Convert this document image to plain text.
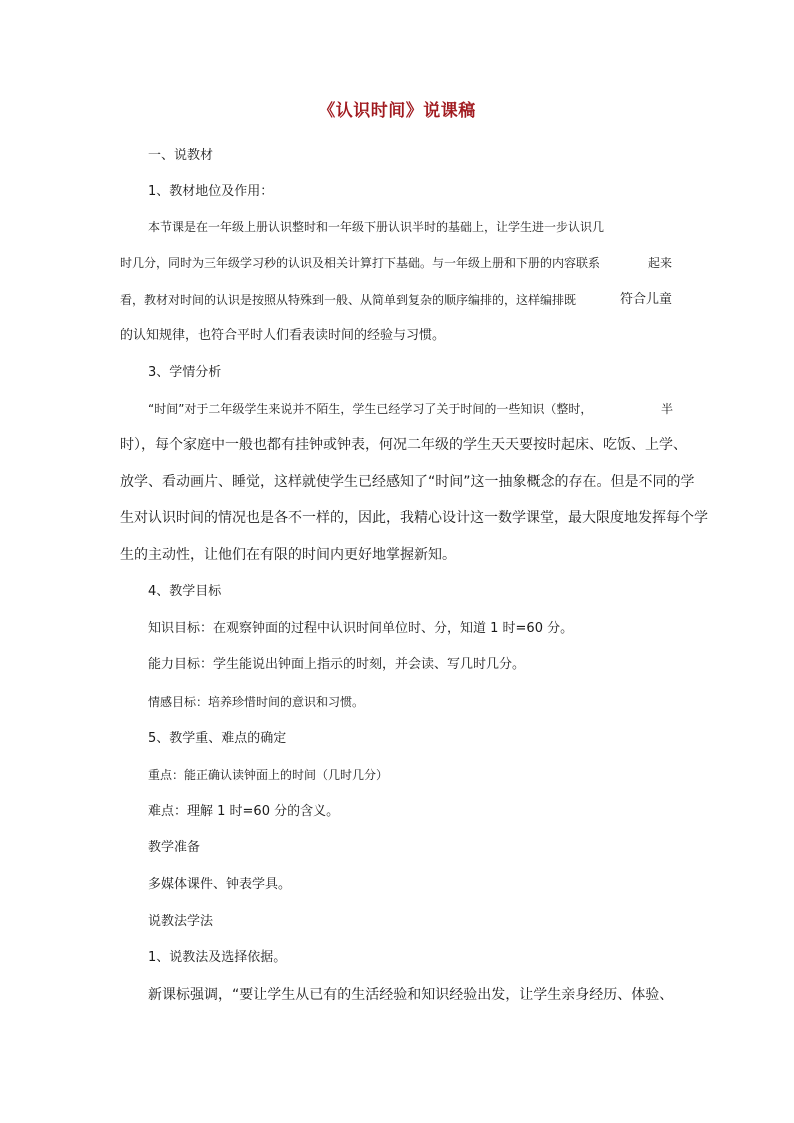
《认识时间》说课稿
一、说教材
1、教材地位及作用：
本节课是在一年级上册认识整时和一年级下册认识半时的基础上，让学生进一步认识几
时几分，同时为三年级学习秒的认识及相关计算打下基础。与一年级上册和下册的内容联系	起来
看，教材对时间的认识是按照从特殊到一般、从简单到复杂的顺序编排的，这样编排既	符合儿童
的认知规律，也符合平时人们看表读时间的经验与习惯。
3、学情分析
“时间”对于二年级学生来说并不陌生，学生已经学习了关于时间的一些知识（整时，	半
时），每个家庭中一般也都有挂钟或钟表，何况二年级的学生天天要按时起床、吃饭、上学、
放学、看动画片、睡觉，这样就使学生已经感知了“时间”这一抽象概念的存在。但是不同的学
生对认识时间的情况也是各不一样的，因此，我精心设计这一数学课堂，最大限度地发挥每个学
生的主动性，让他们在有限的时间内更好地掌握新知。
4、教学目标
知识目标：在观察钟面的过程中认识时间单位时、分，知道 1 时=60 分。
能力目标：学生能说出钟面上指示的时刻，并会读、写几时几分。
情感目标：培养珍惜时间的意识和习惯。
5、教学重、难点的确定
重点：能正确认读钟面上的时间（几时几分）
难点：理解 1 时=60 分的含义。
教学准备
多媒体课件、钟表学具。
说教法学法
1、说教法及选择依据。
新课标强调，“要让学生从已有的生活经验和知识经验出发，让学生亲身经历、体验、
